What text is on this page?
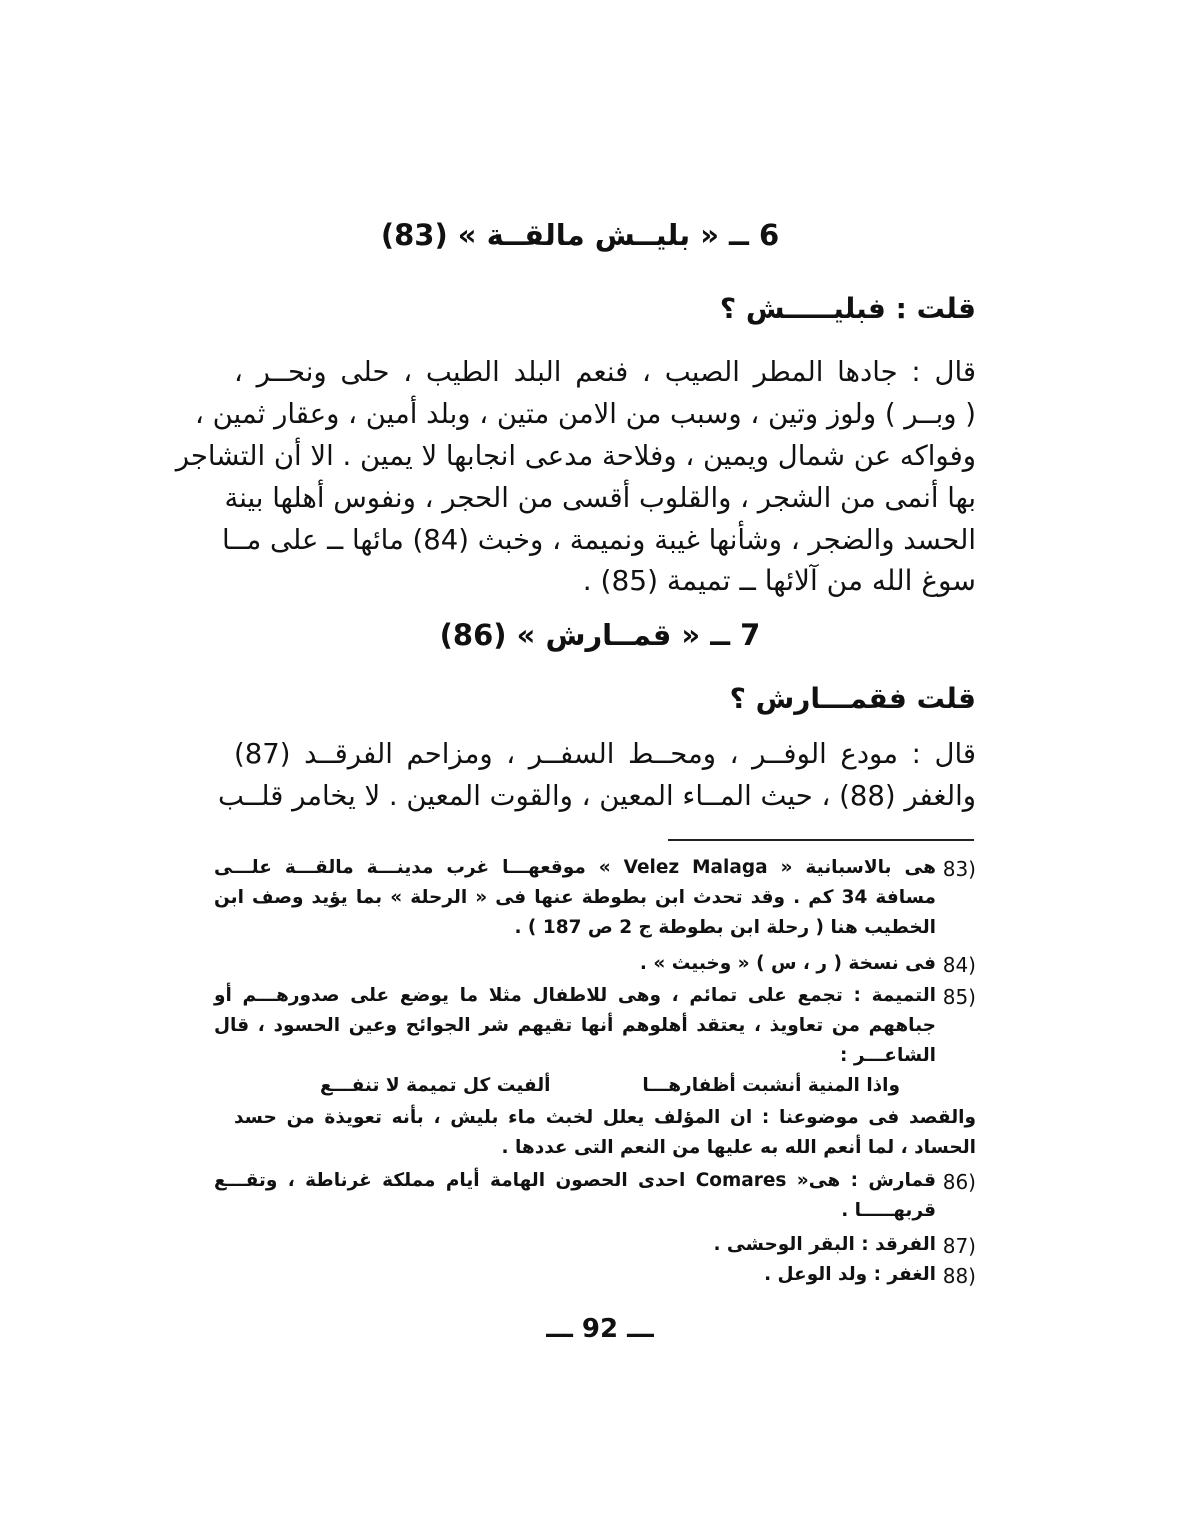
6 ــ « بليــش مالقــة » (83)
قلت : فبليـــــش ؟
قال : جادها المطر الصيب ، فنعم البلد الطيب ، حلى ونحــر ،
( وبــر ) ولوز وتين ، وسبب من الامن متين ، وبلد أمين ، وعقار ثمين ،
وفواكه عن شمال ويمين ، وفلاحة مدعى انجابها لا يمين . الا أن التشاجر
بها أنمى من الشجر ، والقلوب أقسى من الحجر ، ونفوس أهلها بينة
الحسد والضجر ، وشأنها غيبة ونميمة ، وخبث (84) مائها ــ على مــا
سوغ الله من آلائها ــ تميمة (85) .
7 ــ « قمــارش » (86)
قلت فقمـــارش ؟
قال : مودع الوفــر ، ومحــط السفــر ، ومزاحم الفرقــد (87)
والغفر (88) ، حيث المــاء المعين ، والقوت المعين . لا يخامر قلــب
83)
هى بالاسبانية « Velez Malaga » موقعهـــا غرب مدينـــة مالقـــة علـــى
مسافة 34 كم . وقد تحدث ابن بطوطة عنها فى « الرحلة » بما يؤيد وصف ابن
الخطيب هنا ( رحلة ابن بطوطة ج 2 ص 187 ) .
84)
فى نسخة ( ر ، س ) « وخبيث » .
85)
التميمة : تجمع على تمائم ، وهى للاطفال مثلا ما يوضع على صدورهـــم أو
جباههم من تعاويذ ، يعتقد أهلوهم أنها تقيهم شر الجوائح وعين الحسود ، قال
الشاعـــر :
واذا المنية أنشبت أظفارهـــا
ألفيت كل تميمة لا تنفـــع
والقصد فى موضوعنا : ان المؤلف يعلل لخبث ماء بليش ، بأنه تعويذة من حسد
الحساد ، لما أنعم الله به عليها من النعم التى عددها .
86)
قمارش : هى« Comares احدى الحصون الهامة أيام مملكة غرناطة ، وتقـــع
قربهـــــا .
87)
الفرقد : البقر الوحشى .
88)
الغفر : ولد الوعل .
ـــ 92 ـــ
